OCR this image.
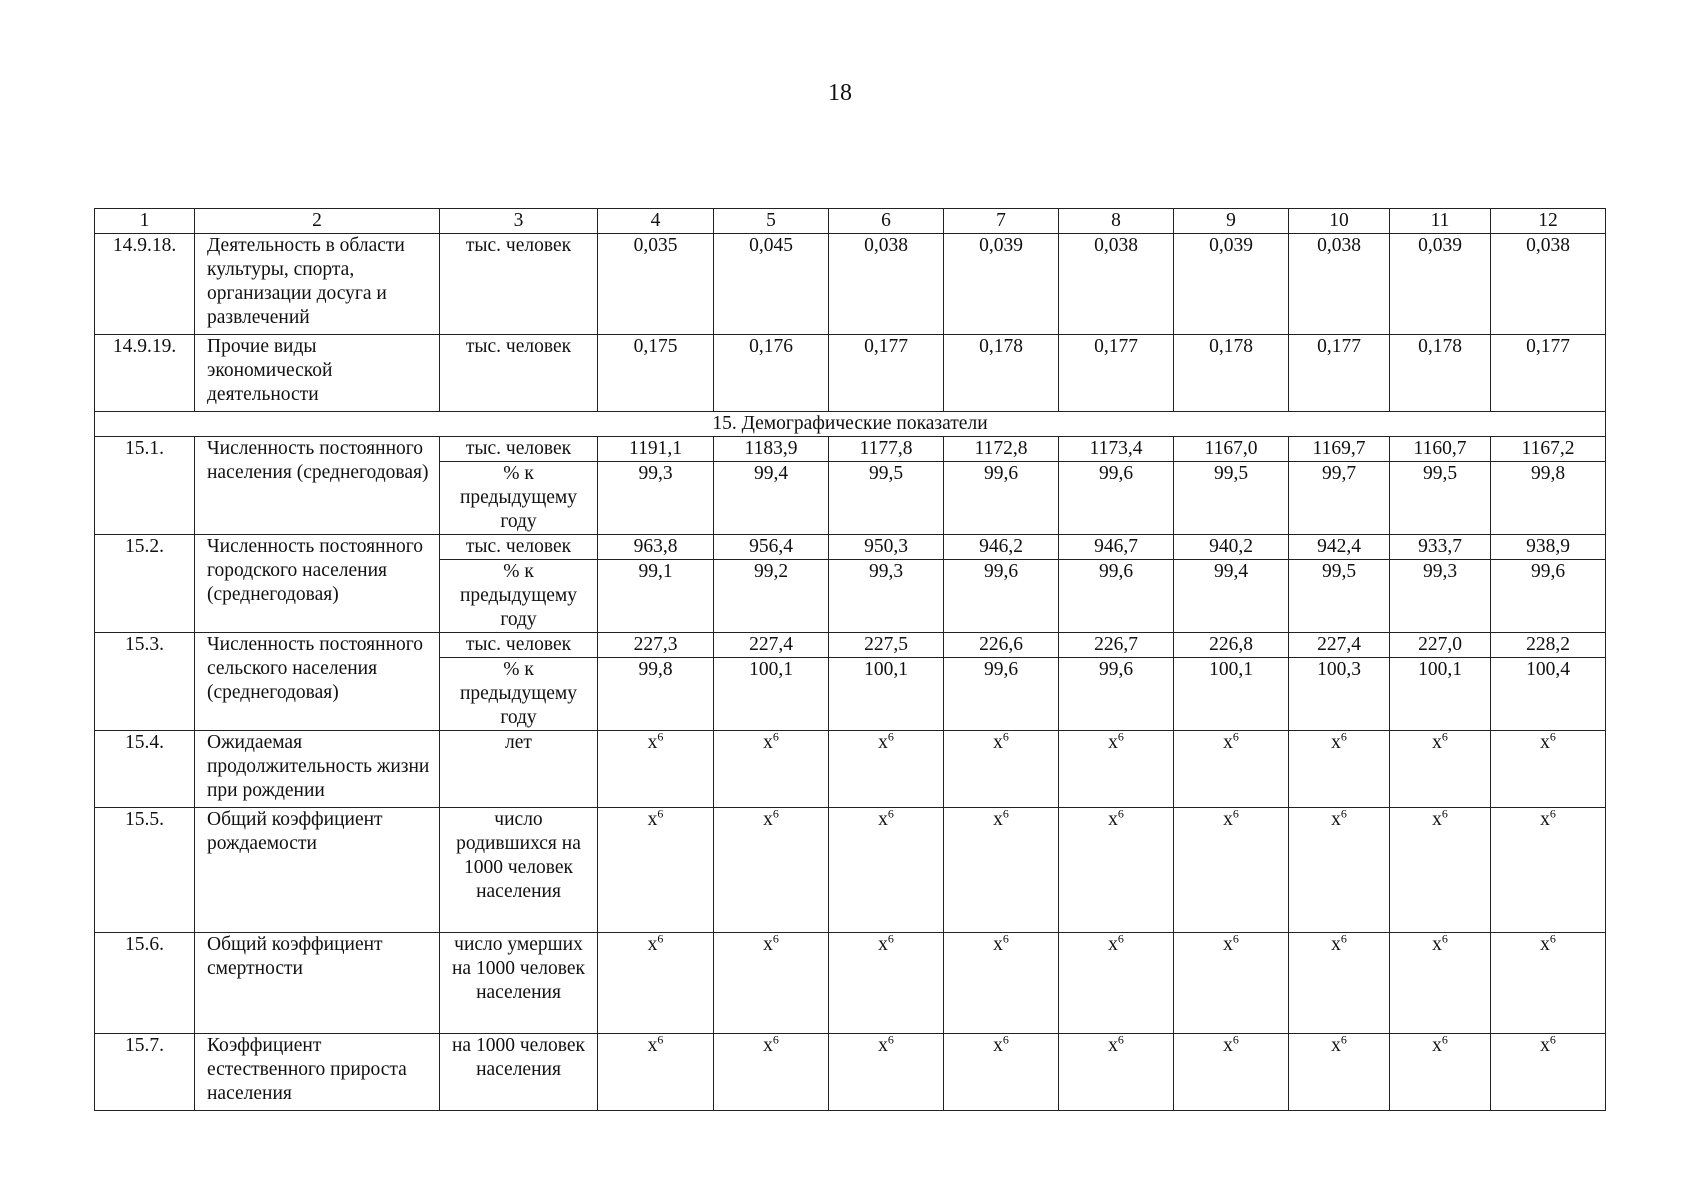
18
1	2	3	4	5	6	7	8	9	10	11	12
14.9.18.	Деятельность в области культуры, спорта, организации досуга и развлечений	тыс. человек	0,035	0,045	0,038	0,039	0,038	0,039	0,038	0,039	0,038
14.9.19.	Прочие виды экономической деятельности	тыс. человек	0,175	0,176	0,177	0,178	0,177	0,178	0,177	0,178	0,177
15. Демографические показатели											
15.1.	Численность постоянного населения (среднегодовая)	тыс. человек	1191,1	1183,9	1177,8	1172,8	1173,4	1167,0	1169,7	1160,7	1167,2
		% к предыдущему году	99,3	99,4	99,5	99,6	99,6	99,5	99,7	99,5	99,8
15.2.	Численность постоянного городского населения (среднегодовая)	тыс. человек	963,8	956,4	950,3	946,2	946,7	940,2	942,4	933,7	938,9
		% к предыдущему году	99,1	99,2	99,3	99,6	99,6	99,4	99,5	99,3	99,6
15.3.	Численность постоянного сельского населения (среднегодовая)	тыс. человек	227,3	227,4	227,5	226,6	226,7	226,8	227,4	227,0	228,2
		% к предыдущему году	99,8	100,1	100,1	99,6	99,6	100,1	100,3	100,1	100,4
15.4.	Ожидаемая продолжительность жизни при рождении	лет	$x^6$	$x^6$	$x^6$	$x^6$	$x^6$	$x^6$	$x^6$	$x^6$	$x^6$
15.5.	Общий коэффициент рождаемости	число родившихся на 1000 человек населения	$x^6$	$x^6$	$x^6$	$x^6$	$x^6$	$x^6$	$x^6$	$x^6$	$x^6$
15.6.	Общий коэффициент смертности	число умерших на 1000 человек населения	$x^6$	$x^6$	$x^6$	$x^6$	$x^6$	$x^6$	$x^6$	$x^6$	$x^6$
15.7.	Коэффициент естественного прироста населения	на 1000 человек населения	$x^6$	$x^6$	$x^6$	$x^6$	$x^6$	$x^6$	$x^6$	$x^6$	$x^6$
